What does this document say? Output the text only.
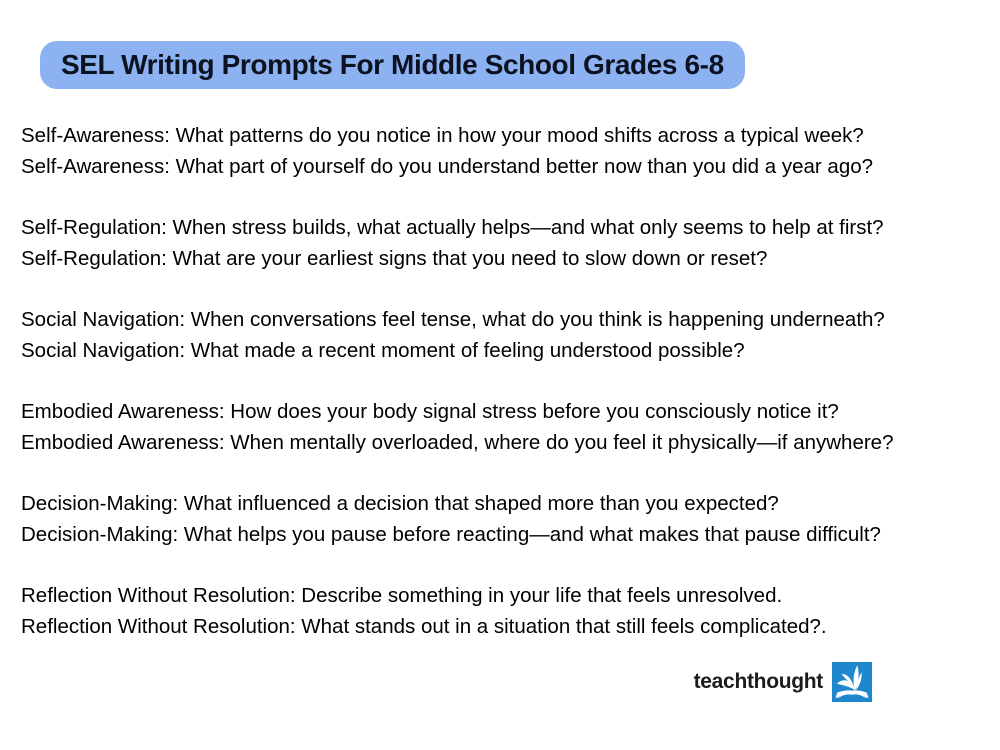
SEL Writing Prompts For Middle School Grades 6-8
Self-Awareness: What patterns do you notice in how your mood shifts across a typical week?
Self-Awareness: What part of yourself do you understand better now than you did a year ago?
Self-Regulation: When stress builds, what actually helps—and what only seems to help at first?
Self-Regulation: What are your earliest signs that you need to slow down or reset?
Social Navigation: When conversations feel tense, what do you think is happening underneath?
Social Navigation: What made a recent moment of feeling understood possible?
Embodied Awareness: How does your body signal stress before you consciously notice it?
Embodied Awareness: When mentally overloaded, where do you feel it physically—if anywhere?
Decision-Making: What influenced a decision that shaped more than you expected?
Decision-Making: What helps you pause before reacting—and what makes that pause difficult?
Reflection Without Resolution: Describe something in your life that feels unresolved.
Reflection Without Resolution: What stands out in a situation that still feels complicated?.
teachthought
